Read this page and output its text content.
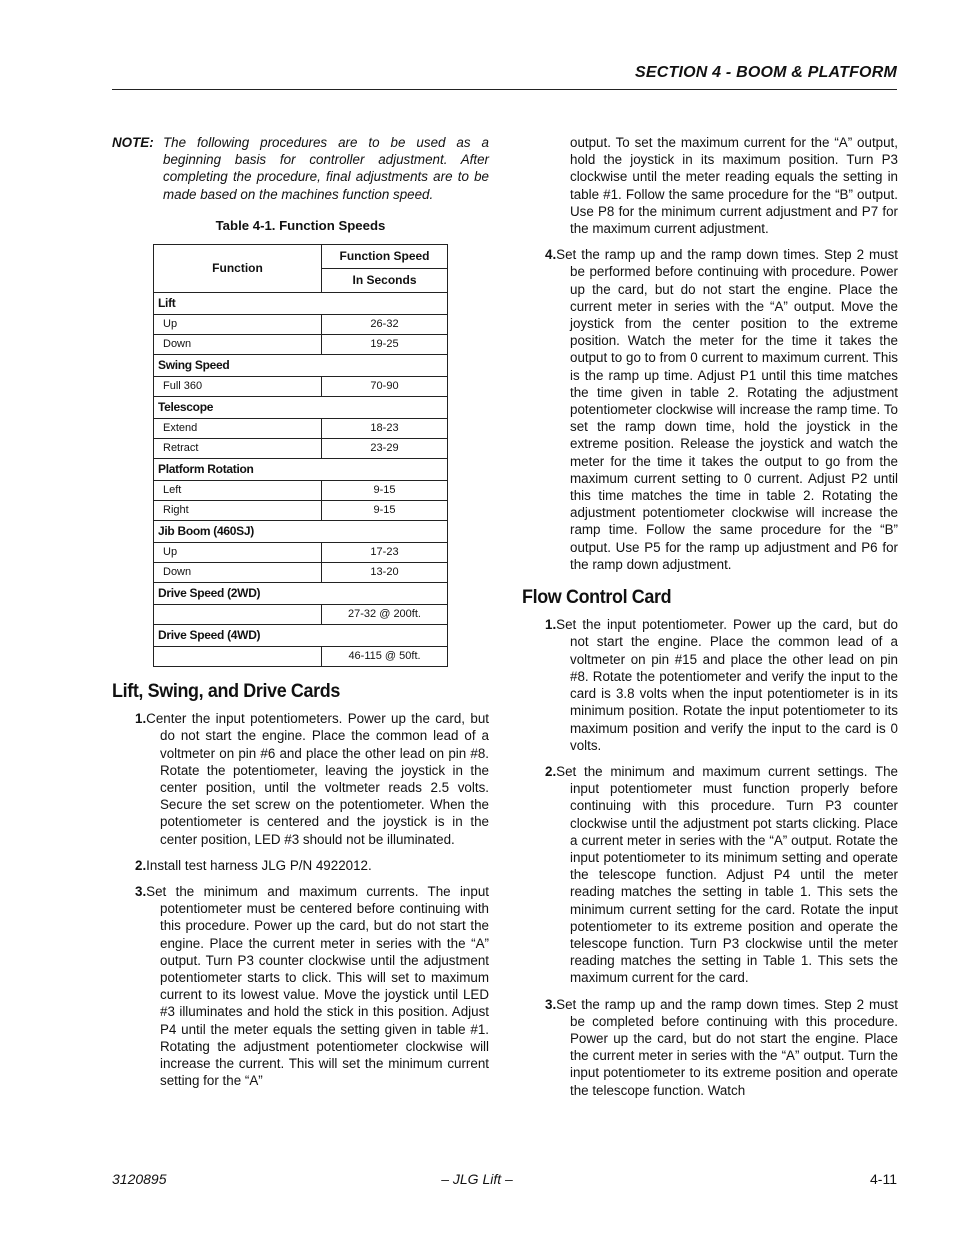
SECTION 4 - BOOM & PLATFORM
NOTE: The following procedures are to be used as a beginning basis for controller adjustment. After completing the procedure, final adjustments are to be made based on the machines function speed.
Table 4-1. Function Speeds
Function	Function Speed
	In Seconds
Lift	
Up	26-32
Down	19-25
Swing Speed	
Full 360	70-90
Telescope	
Extend	18-23
Retract	23-29
Platform Rotation	
Left	9-15
Right	9-15
Jib Boom (460SJ)	
Up	17-23
Down	13-20
Drive Speed (2WD)	
	27-32 @ 200ft.
Drive Speed (4WD)	
	46-115 @ 50ft.
Lift, Swing, and Drive Cards
1.Center the input potentiometers. Power up the card, but do not start the engine. Place the common lead of a voltmeter on pin #6 and place the other lead on pin #8. Rotate the potentiometer, leaving the joystick in the center position, until the voltmeter reads 2.5 volts. Secure the set screw on the potentiometer. When the potentiometer is centered and the joystick is in the center position, LED #3 should not be illuminated.
2.Install test harness JLG P/N 4922012.
3.Set the minimum and maximum currents. The input potentiometer must be centered before continuing with this procedure. Power up the card, but do not start the engine. Place the current meter in series with the “A” output. Turn P3 counter clockwise until the adjustment potentiometer starts to click. This will set to maximum current to its lowest value. Move the joystick until LED #3 illuminates and hold the stick in this position. Adjust P4 until the meter equals the setting given in table #1. Rotating the adjustment potentiometer clockwise will increase the current. This will set the minimum current setting for the “A”
output. To set the maximum current for the “A” output, hold the joystick in its maximum position. Turn P3 clockwise until the meter reading equals the setting in table #1. Follow the same procedure for the “B” output. Use P8 for the minimum current adjustment and P7 for the maximum current adjustment.
4.Set the ramp up and the ramp down times. Step 2 must be performed before continuing with procedure. Power up the card, but do not start the engine. Place the current meter in series with the “A” output. Move the joystick from the center position to the extreme position. Watch the meter for the time it takes the output to go to from 0 current to maximum current. This is the ramp up time. Adjust P1 until this time matches the time given in table 2. Rotating the adjustment potentiometer clockwise will increase the ramp time. To set the ramp down time, hold the joystick in the extreme position. Release the joystick and watch the meter for the time it takes the output to go from the maximum current setting to 0 current. Adjust P2 until this time matches the time in table 2. Rotating the adjustment potentiometer clockwise will increase the ramp time. Follow the same procedure for the “B” output. Use P5 for the ramp up adjustment and P6 for the ramp down adjustment.
Flow Control Card
1.Set the input potentiometer. Power up the card, but do not start the engine. Place the common lead of a voltmeter on pin #15 and place the other lead on pin #8. Rotate the potentiometer and verify the input to the card is 3.8 volts when the input potentiometer is in its minimum position. Rotate the input potentiometer to its maximum position and verify the input to the card is 0 volts.
2.Set the minimum and maximum current settings. The input potentiometer must function properly before continuing with this procedure. Turn P3 counter clockwise until the adjustment pot starts clicking. Place a current meter in series with the “A” output. Rotate the input potentiometer to its minimum setting and operate the telescope function. Adjust P4 until the meter reading matches the setting in table 1. This sets the minimum current setting for the card. Rotate the input potentiometer to its extreme position and operate the telescope function. Turn P3 clockwise until the meter reading matches the setting in Table 1. This sets the maximum current for the card.
3.Set the ramp up and the ramp down times. Step 2 must be completed before continuing with this procedure. Power up the card, but do not start the engine. Place the current meter in series with the “A” output. Turn the input potentiometer to its extreme position and operate the telescope function. Watch
3120895	– JLG Lift –	4-11
